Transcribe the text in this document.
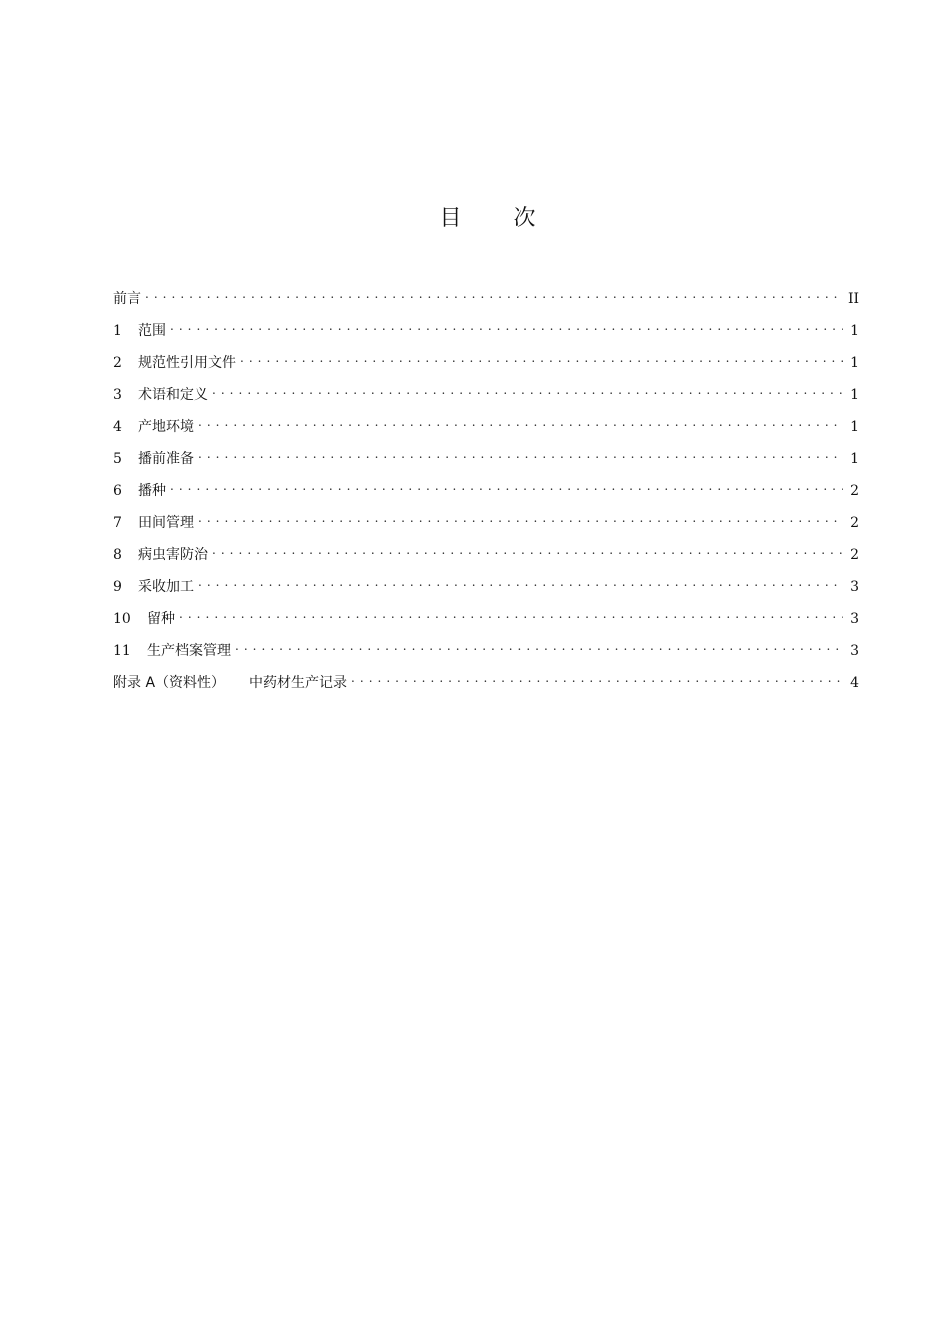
目 次
前言 . . .	II
1	范围 . . .	1
2	规范性引用文件 . . .	1
3	术语和定义 . . .	1
4	产地环境 . . .	1
5	播前准备 . . .	1
6	播种 . . .	2
7	田间管理 . . .	2
8	病虫害防治 . . .	2
9	采收加工 . . .	3
10	留种 . . .	3
11	生产档案管理 . . .	3
附录 A（资料性） 中药材生产记录 . . .	4
